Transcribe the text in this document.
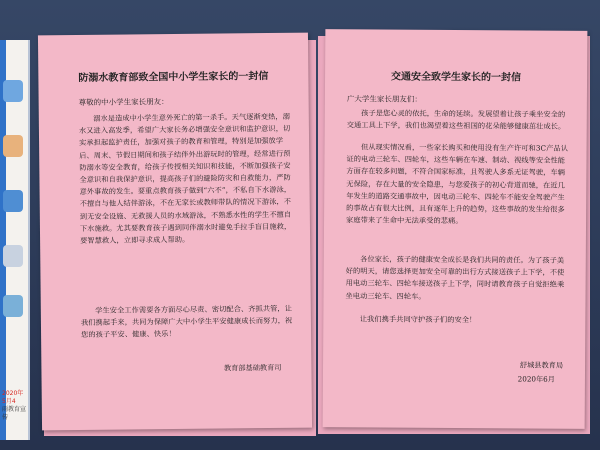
2020年5月4
雨教育宣传
防溺水教育部致全国中小学生家长的一封信
尊敬的中小学生家长朋友：
溺水是造成中小学生意外死亡的第一杀手。天气逐渐变热，溺水又进入高发季，希望广大家长务必增强安全意识和监护意识，切实承担起监护责任，加强对孩子的教育和管理，特别是加强放学后、周末、节假日期间和孩子结伴外出游玩时的管理，经常进行预防溺水等安全教育，给孩子传授相关知识和技能，不断加强孩子安全意识和自我保护意识，提高孩子们的避险防灾和自救能力，严防意外事故的发生。要重点教育孩子做到“六不”，不私自下水游泳，不擅自与他人结伴游泳，不在无家长或教师带队的情况下游泳，不到无安全设施、无救援人员的水域游泳，不熟悉水性的学生不擅自下水施救。尤其要教育孩子遇到同伴溺水时避免手拉手盲目施救，要智慧救人，立即寻求成人帮助。
学生安全工作需要各方面尽心尽责、密切配合、齐抓共管，让我们携起手来，共同为保障广大中小学生平安健康成长而努力，祝您的孩子平安、健康、快乐！
教育部基础教育司
交通安全致学生家长的一封信
广大学生家长朋友们：
孩子是您心灵的依托，生命的延续。发展望着让孩子乘坐安全的交通工具上下学，我们也渴望着这些祖国的花朵能够健康茁壮成长。
但从现实情况看，一些家长购买和使用没有生产许可和3C产品认证的电动三轮车、四轮车，这些车辆在车速、制动、视线等安全性能方面存在较多问题，不符合国家标准，且驾驶人多系无证驾驶，车辆无保险，存在大量的安全隐患，与您爱孩子的初心背道而驰，在近几年发生的道路交通事故中，因电动三轮车、四轮车不能安全驾驶产生的事故占有很大比例，且有逐年上升的趋势，这些事故的发生给很多家庭带来了生命中无法承受的悲痛。
各位家长，孩子的健康安全成长是我们共同的责任。为了孩子美好的明天，请您选择更加安全可靠的出行方式接送孩子上下学，不使用电动三轮车、四轮车接送孩子上下学，同时请教育孩子自觉拒绝乘坐电动三轮车、四轮车。
让我们携手共同守护孩子们的安全！
舒城县教育局
2020年6月
